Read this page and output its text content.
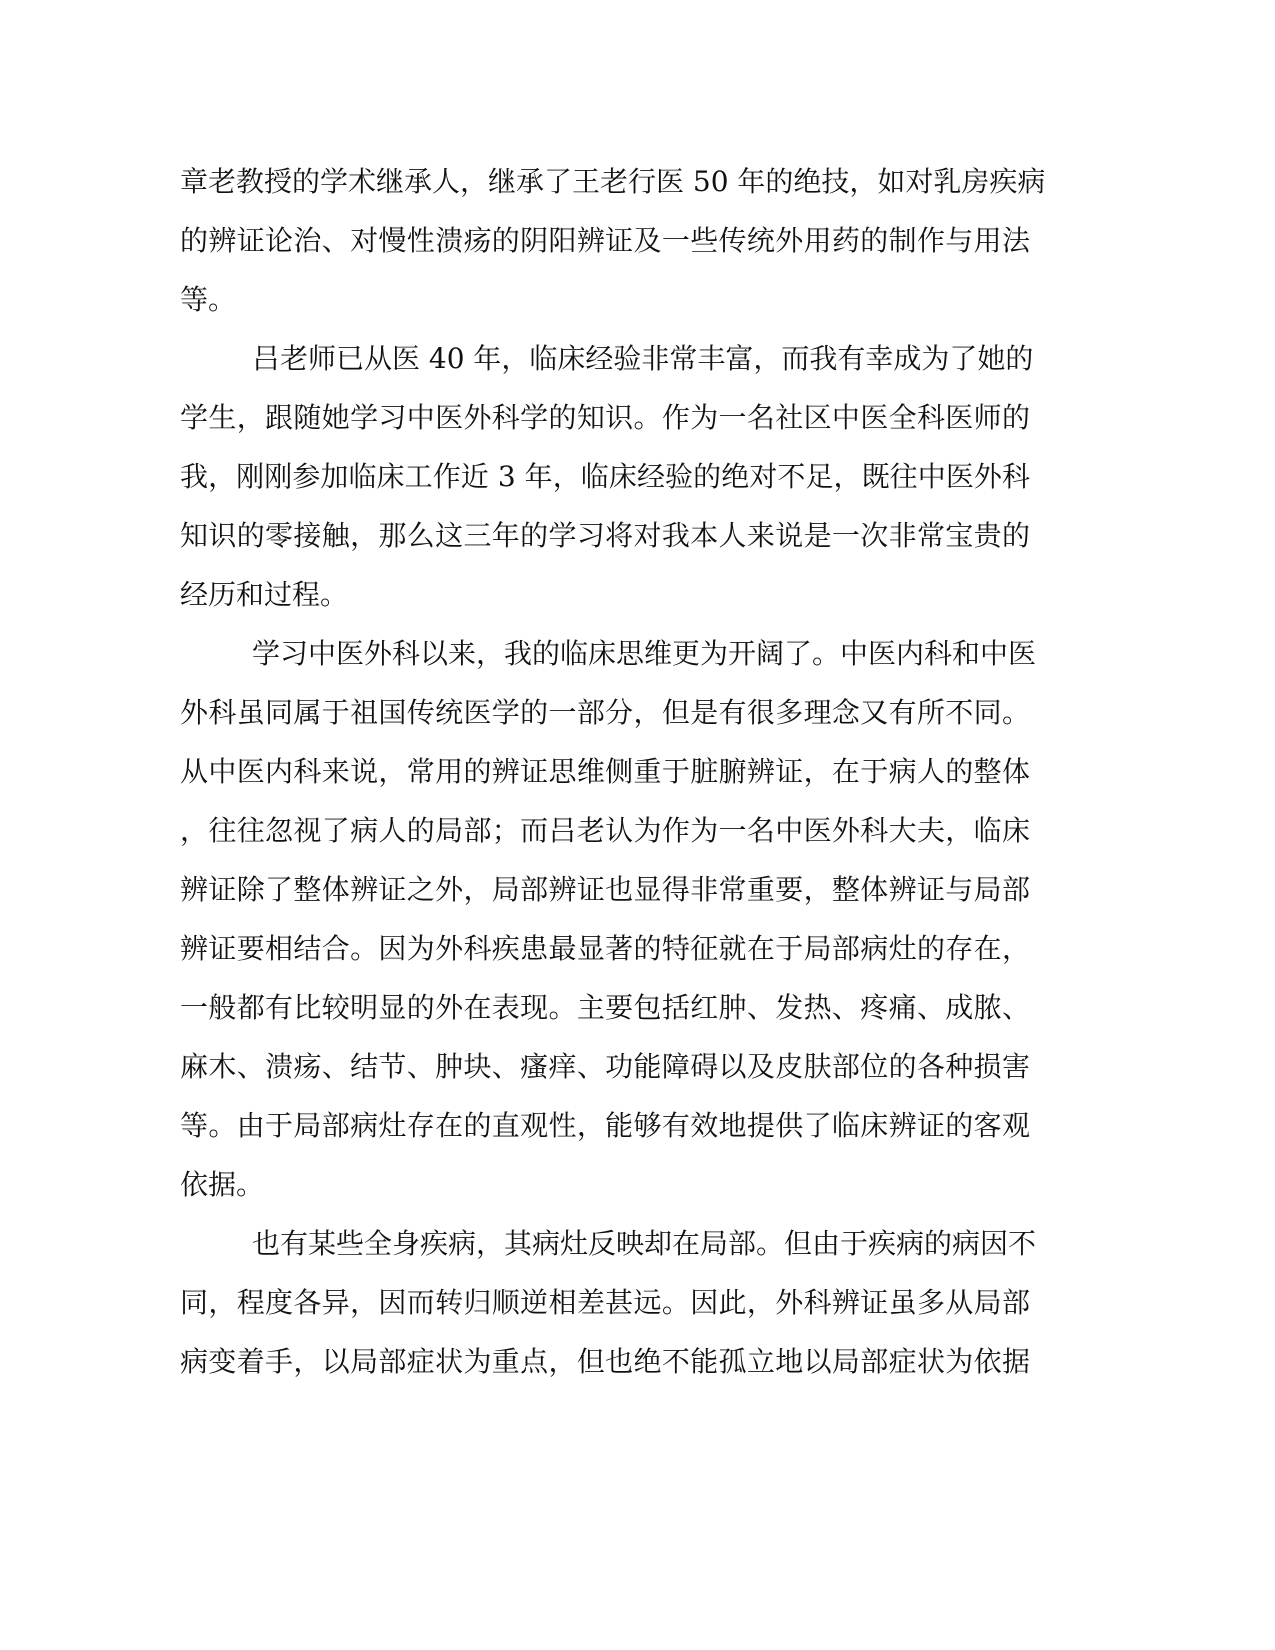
章老教授的学术继承人，继承了王老行医 50 年的绝技，如对乳房疾病
的辨证论治、对慢性溃疡的阴阳辨证及一些传统外用药的制作与用法
等。
吕老师已从医 40 年，临床经验非常丰富，而我有幸成为了她的
学生，跟随她学习中医外科学的知识。作为一名社区中医全科医师的
我，刚刚参加临床工作近 3 年，临床经验的绝对不足，既往中医外科
知识的零接触，那么这三年的学习将对我本人来说是一次非常宝贵的
经历和过程。
学习中医外科以来，我的临床思维更为开阔了。中医内科和中医
外科虽同属于祖国传统医学的一部分，但是有很多理念又有所不同。
从中医内科来说，常用的辨证思维侧重于脏腑辨证，在于病人的整体
，往往忽视了病人的局部；而吕老认为作为一名中医外科大夫，临床
辨证除了整体辨证之外，局部辨证也显得非常重要，整体辨证与局部
辨证要相结合。因为外科疾患最显著的特征就在于局部病灶的存在，
一般都有比较明显的外在表现。主要包括红肿、发热、疼痛、成脓、
麻木、溃疡、结节、肿块、瘙痒、功能障碍以及皮肤部位的各种损害
等。由于局部病灶存在的直观性，能够有效地提供了临床辨证的客观
依据。
也有某些全身疾病，其病灶反映却在局部。但由于疾病的病因不
同，程度各异，因而转归顺逆相差甚远。因此，外科辨证虽多从局部
病变着手，以局部症状为重点，但也绝不能孤立地以局部症状为依据
